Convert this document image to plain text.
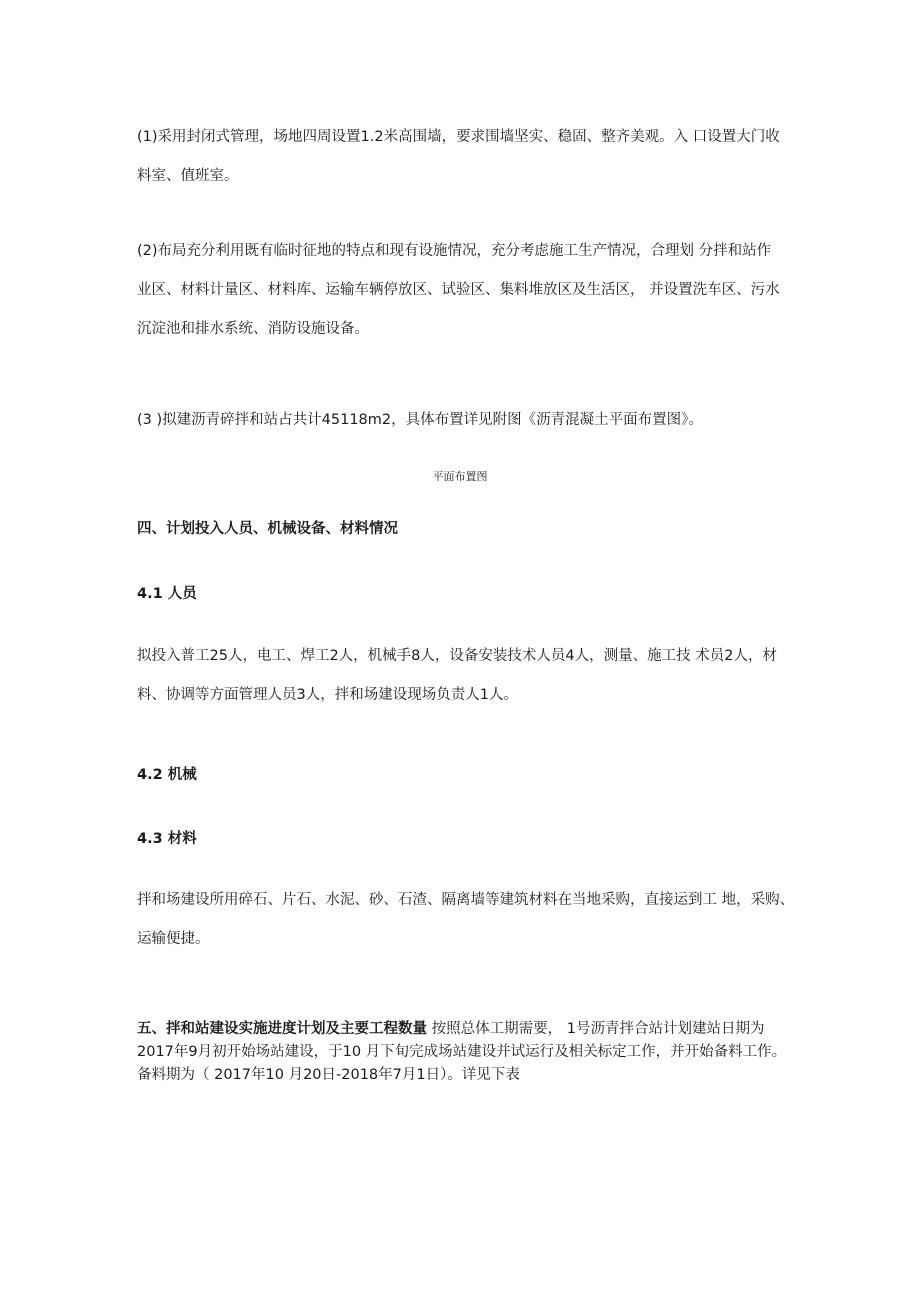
(1)采用封闭式管理，场地四周设置1.2米高围墙，要求围墙坚实、稳固、整齐美观。入 口设置大门收
料室、值班室。

(2)布局充分利用既有临时征地的特点和现有设施情况，充分考虑施工生产情况，合理划 分拌和站作
业区、材料计量区、材料库、运输车辆停放区、试验区、集料堆放区及生活区， 并设置洗车区、污水
沉淀池和排水系统、消防设施设备。

(3 )拟建沥青碎拌和站占共计45118m2，具体布置详见附图《沥青混凝土平面布置图》。

平面布置图
四、计划投入人员、机械设备、材料情况
4.1 人员

拟投入普工25人，电工、焊工2人，机械手8人，设备安装技术人员4人，测量、施工技 术员2人，材
料、协调等方面管理人员3人，拌和场建设现场负责人1人。

4.2 机械
4.3 材料

拌和场建设所用碎石、片石、水泥、砂、石渣、隔离墙等建筑材料在当地采购，直接运到工 地，采购、
运输便捷。

五、拌和站建设实施进度计划及主要工程数量 按照总体工期需要， 1号沥青拌合站计划建站日期为
2017年9月初开始场站建设，于10 月下旬完成场站建设并试运行及相关标定工作，并开始备料工作。
备料期为（ 2017年10 月20日-2018年7月1日）。详见下表
